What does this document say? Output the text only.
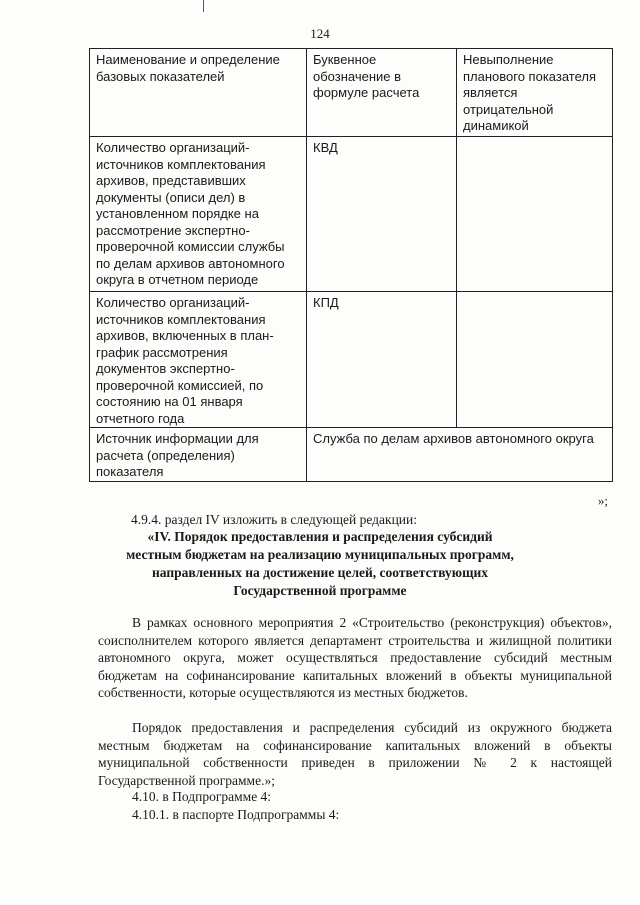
124
Наименование и определение базовых показателей	Буквенное обозначение в формуле расчета	Невыполнение планового показателя является отрицательной динамикой
Количество организаций-источников комплектования архивов, представивших документы (описи дел) в установленном порядке на рассмотрение экспертно-проверочной комиссии службы по делам архивов автономного округа в отчетном периоде	КВД	
Количество организаций-источников комплектования архивов, включенных в план-график рассмотрения документов экспертно-проверочной комиссией, по состоянию на 01 января отчетного года	КПД	
Источник информации для расчета (определения) показателя	Служба по делам архивов автономного округа	
»;
4.9.4. раздел IV изложить в следующей редакции:
«IV. Порядок предоставления и распределения субсидий
местным бюджетам на реализацию муниципальных программ,
направленных на достижение целей, соответствующих
Государственной программе
В рамках основного мероприятия 2 «Строительство (реконструкция) объектов», соисполнителем которого является департамент строительства и жилищной политики автономного округа, может осуществляться предоставление субсидий местным бюджетам на софинансирование капитальных вложений в объекты муниципальной собственности, которые осуществляются из местных бюджетов.
Порядок предоставления и распределения субсидий из окружного бюджета местным бюджетам на софинансирование капитальных вложений в объекты муниципальной собственности приведен в приложении № 2 к настоящей Государственной программе.»;
4.10. в Подпрограмме 4:
4.10.1. в паспорте Подпрограммы 4:
